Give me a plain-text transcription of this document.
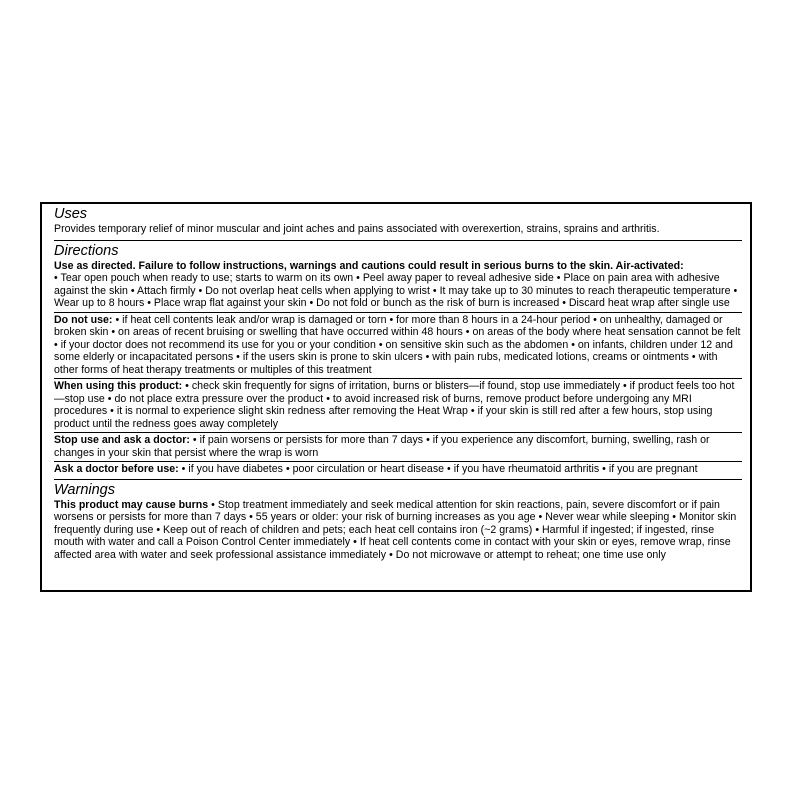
Uses
Provides temporary relief of minor muscular and joint aches and pains associated with overexertion, strains, sprains and arthritis.
Directions
Use as directed. Failure to follow instructions, warnings and cautions could result in serious burns to the skin. Air-activated:
• Tear open pouch when ready to use; starts to warm on its own • Peel away paper to reveal adhesive side • Place on pain area with adhesive against the skin • Attach firmly • Do not overlap heat cells when applying to wrist • It may take up to 30 minutes to reach therapeutic temperature • Wear up to 8 hours • Place wrap flat against your skin • Do not fold or bunch as the risk of burn is increased • Discard heat wrap after single use
Do not use: • if heat cell contents leak and/or wrap is damaged or torn • for more than 8 hours in a 24-hour period • on unhealthy, damaged or broken skin • on areas of recent bruising or swelling that have occurred within 48 hours • on areas of the body where heat sensation cannot be felt • if your doctor does not recommend its use for you or your condition • on sensitive skin such as the abdomen • on infants, children under 12 and some elderly or incapacitated persons • if the users skin is prone to skin ulcers • with pain rubs, medicated lotions, creams or ointments • with other forms of heat therapy treatments or multiples of this treatment
When using this product: • check skin frequently for signs of irritation, burns or blisters—if found, stop use immediately • if product feels too hot—stop use • do not place extra pressure over the product • to avoid increased risk of burns, remove product before undergoing any MRI procedures • it is normal to experience slight skin redness after removing the Heat Wrap • if your skin is still red after a few hours, stop using product until the redness goes away completely
Stop use and ask a doctor: • if pain worsens or persists for more than 7 days • if you experience any discomfort, burning, swelling, rash or changes in your skin that persist where the wrap is worn
Ask a doctor before use: • if you have diabetes • poor circulation or heart disease • if you have rheumatoid arthritis • if you are pregnant
Warnings
This product may cause burns • Stop treatment immediately and seek medical attention for skin reactions, pain, severe discomfort or if pain worsens or persists for more than 7 days • 55 years or older: your risk of burning increases as you age • Never wear while sleeping • Monitor skin frequently during use • Keep out of reach of children and pets; each heat cell contains iron (~2 grams) • Harmful if ingested; if ingested, rinse mouth with water and call a Poison Control Center immediately • If heat cell contents come in contact with your skin or eyes, remove wrap, rinse affected area with water and seek professional assistance immediately • Do not microwave or attempt to reheat; one time use only
